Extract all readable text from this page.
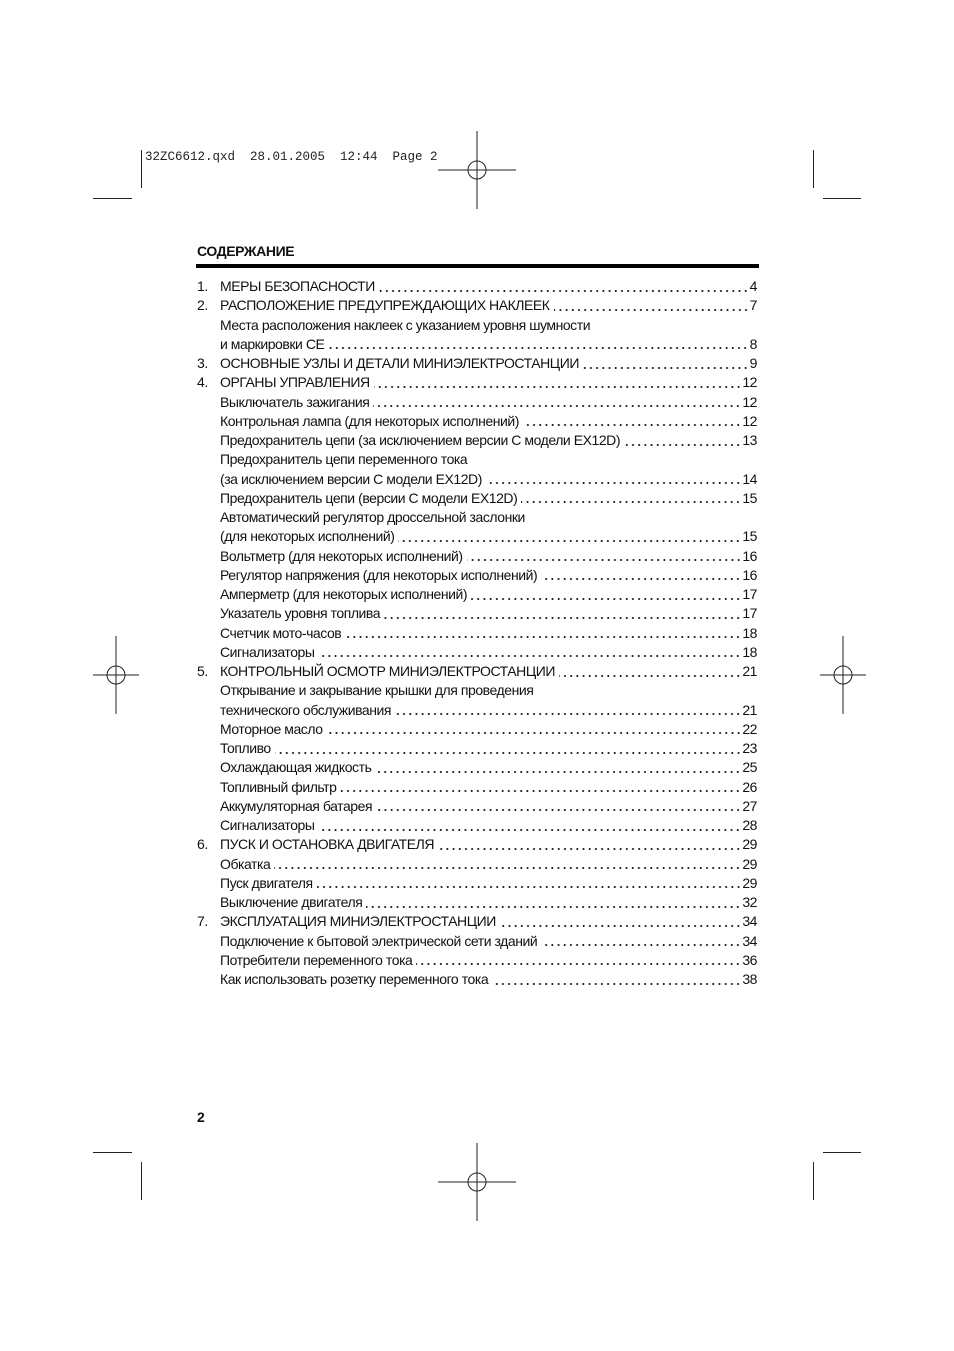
32ZC6612.qxd  28.01.2005  12:44  Page 2
СОДЕРЖАНИЕ
1. МЕРЫ БЕЗОПАСНОСТИ	4
2. РАСПОЛОЖЕНИЕ ПРЕДУПРЕЖДАЮЩИХ НАКЛЕЕК	7
Места расположения наклеек с указанием уровня шумности
и маркировки CE	8
3. ОСНОВНЫЕ УЗЛЫ И ДЕТАЛИ МИНИЭЛЕКТРОСТАНЦИИ	9
4. ОРГАНЫ УПРАВЛЕНИЯ	12
Выключатель зажигания	12
Контрольная лампа (для некоторых исполнений)	12
Предохранитель цепи (за исключением версии C модели EX12D)	13
Предохранитель цепи переменного тока
(за исключением версии C модели EX12D)	14
Предохранитель цепи (версии C модели EX12D)	15
Автоматический регулятор дроссельной заслонки
(для некоторых исполнений)	15
Вольтметр (для некоторых исполнений)	16
Регулятор напряжения (для некоторых исполнений)	16
Амперметр (для некоторых исполнений)	17
Указатель уровня топлива	17
Счетчик мото-часов	18
Сигнализаторы	18
5. КОНТРОЛЬНЫЙ ОСМОТР МИНИЭЛЕКТРОСТАНЦИИ	21
Открывание и закрывание крышки для проведения
технического обслуживания	21
Моторное масло	22
Топливо	23
Охлаждающая жидкость	25
Топливный фильтр	26
Аккумуляторная батарея	27
Сигнализаторы	28
6. ПУСК И ОСТАНОВКА ДВИГАТЕЛЯ	29
Обкатка	29
Пуск двигателя	29
Выключение двигателя	32
7. ЭКСПЛУАТАЦИЯ МИНИЭЛЕКТРОСТАНЦИИ	34
Подключение к бытовой электрической сети зданий	34
Потребители переменного тока	36
Как использовать розетку переменного тока	38
2
